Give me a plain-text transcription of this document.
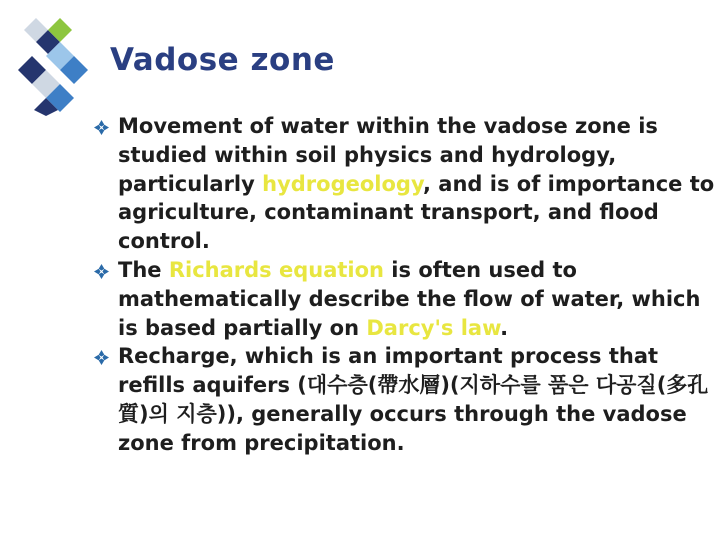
Vadose zone
Movement of water within the vadose zone is studied within soil physics and hydrology, particularly hydrogeology, and is of importance to agriculture, contaminant transport, and flood control.
The Richards equation is often used to mathematically describe the flow of water, which is based partially on Darcy's law.
Recharge, which is an important process that refills aquifers (대수층(帶水層)(지하수를 품은 다공질(多孔質)의 지층)), generally occurs through the vadose zone from precipitation.
